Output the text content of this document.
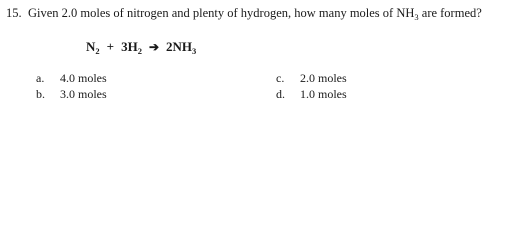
15. Given 2.0 moles of nitrogen and plenty of hydrogen, how many moles of $NH_3$ are formed?
$N_2 + 3H_2$ ➔ $2NH_3$
a. 4.0 moles
b. 3.0 moles
c. 2.0 moles
d. 1.0 moles
